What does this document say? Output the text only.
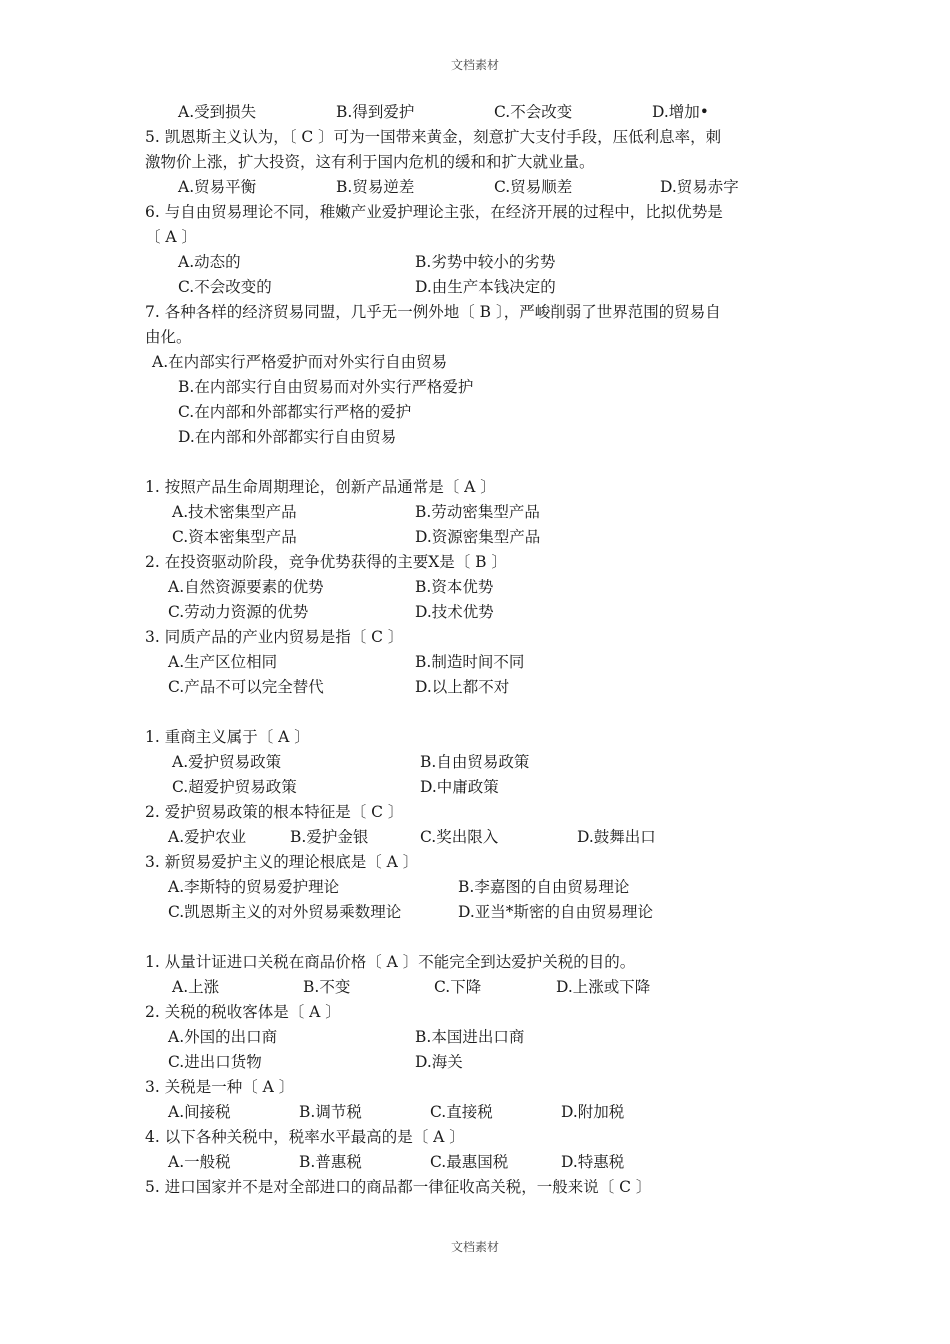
文档素材
A.受到损失	B.得到爱护	C.不会改变	D.增加•
5. 凯恩斯主义认为，〔 C 〕可为一国带来黄金，刻意扩大支付手段，压低利息率，刺
激物价上涨，扩大投资，这有利于国内危机的缓和和扩大就业量。
A.贸易平衡	B.贸易逆差	C.贸易顺差	D.贸易赤字
6. 与自由贸易理论不同，稚嫩产业爱护理论主张，在经济开展的过程中，比拟优势是
〔 A 〕
A.动态的	B.劣势中较小的劣势
C.不会改变的	D.由生产本钱决定的
7. 各种各样的经济贸易同盟，几乎无一例外地〔 B 〕，严峻削弱了世界范围的贸易自
由化。
A.在内部实行严格爱护而对外实行自由贸易
B.在内部实行自由贸易而对外实行严格爱护
C.在内部和外部都实行严格的爱护
D.在内部和外部都实行自由贸易
1. 按照产品生命周期理论，创新产品通常是〔 A 〕
A.技术密集型产品	B.劳动密集型产品
C.资本密集型产品	D.资源密集型产品
2. 在投资驱动阶段，竞争优势获得的主要X是〔 B 〕
A.自然资源要素的优势	B.资本优势
C.劳动力资源的优势	D.技术优势
3. 同质产品的产业内贸易是指〔 C 〕
A.生产区位相同	B.制造时间不同
C.产品不可以完全替代	D.以上都不对
1. 重商主义属于〔 A 〕
A.爱护贸易政策	B.自由贸易政策
C.超爱护贸易政策	D.中庸政策
2. 爱护贸易政策的根本特征是〔 C 〕
A.爱护农业	B.爱护金银	C.奖出限入	D.鼓舞出口
3. 新贸易爱护主义的理论根底是〔 A 〕
A.李斯特的贸易爱护理论	B.李嘉图的自由贸易理论
C.凯恩斯主义的对外贸易乘数理论	D.亚当*斯密的自由贸易理论
1. 从量计证进口关税在商品价格〔 A 〕不能完全到达爱护关税的目的。
A.上涨	B.不变	C.下降	D.上涨或下降
2. 关税的税收客体是〔 A 〕
A.外国的出口商	B.本国进出口商
C.进出口货物	D.海关
3. 关税是一种〔 A 〕
A.间接税	B.调节税	C.直接税	D.附加税
4. 以下各种关税中，税率水平最高的是〔 A 〕
A.一般税	B.普惠税	C.最惠国税	D.特惠税
5. 进口国家并不是对全部进口的商品都一律征收高关税，一般来说〔 C 〕
文档素材
